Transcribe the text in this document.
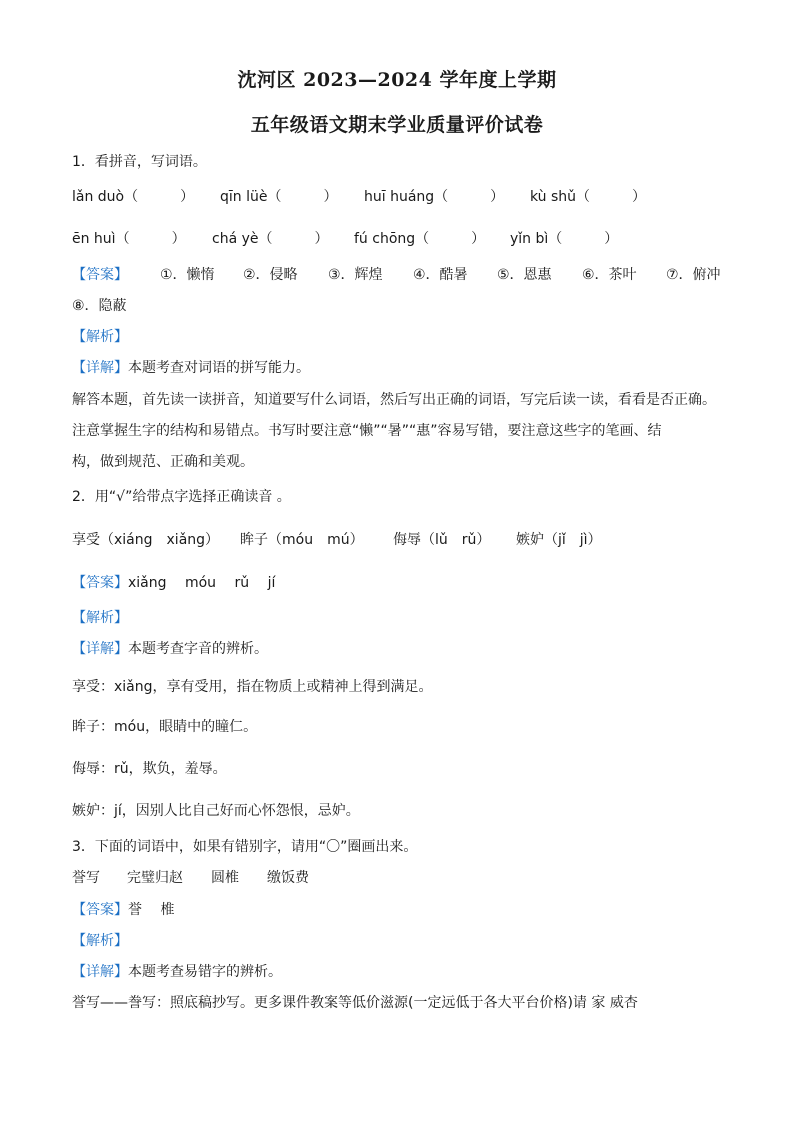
沈河区 2023—2024 学年度上学期
五年级语文期末学业质量评价试卷
1．看拼音，写词语。
lǎn duò（　　　） qīn lüè（　　　） huī huáng（　　　） kù shǔ（　　　）
ēn huì（　　　） chá yè（　　　） fú chōng（　　　） yǐn bì（　　　）
【答案】 ①．懒惰 ②．侵略 ③．辉煌 ④．酷暑 ⑤．恩惠 ⑥．茶叶 ⑦．俯冲
⑧．隐蔽
【解析】
【详解】本题考查对词语的拼写能力。
解答本题，首先读一读拼音，知道要写什么词语，然后写出正确的词语，写完后读一读，看看是否正确。
注意掌握生字的结构和易错点。书写时要注意“懒”“暑”“惠”容易写错，要注意这些字的笔画、结
构，做到规范、正确和美观。
2．用“√”给带点字选择正确读音 。
享受（xiáng　xiǎng） 眸子（móu　mú） 侮辱（lǔ　rǔ） 嫉妒（jǐ　jì）
【答案】xiǎng　 móu　 rǔ　 jí
【解析】
【详解】本题考查字音的辨析。
享受：xiǎng，享有受用，指在物质上或精神上得到满足。
眸子：móu，眼睛中的瞳仁。
侮辱：rǔ，欺负，羞辱。
嫉妒：jí，因别人比自己好而心怀怨恨，忌妒。
3．下面的词语中，如果有错别字，请用“〇”圈画出来。
誉写 完璧归赵 圆椎 缴饭费
【答案】誉　 椎
【解析】
【详解】本题考查易错字的辨析。
誉写——誊写：照底稿抄写。更多课件教案等低价滋源(一定远低于各大平台价格)请 家 威杏
